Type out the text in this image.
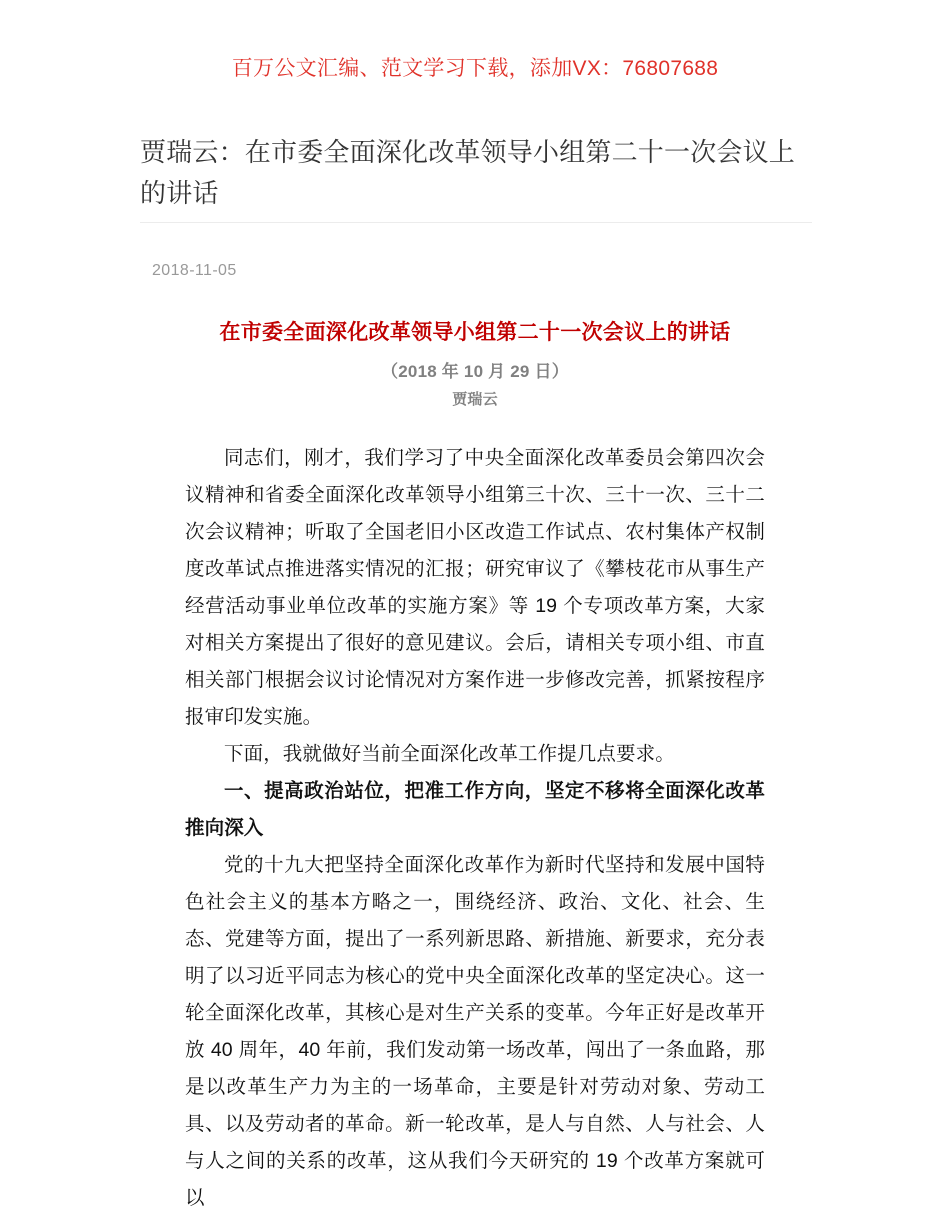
百万公文汇编、范文学习下载，添加VX：76807688
贾瑞云：在市委全面深化改革领导小组第二十一次会议上的讲话
2018-11-05
在市委全面深化改革领导小组第二十一次会议上的讲话
（2018 年 10 月 29 日）
贾瑞云

同志们，刚才，我们学习了中央全面深化改革委员会第四次会议精神和省委全面深化改革领导小组第三十次、三十一次、三十二次会议精神；听取了全国老旧小区改造工作试点、农村集体产权制度改革试点推进落实情况的汇报；研究审议了《攀枝花市从事生产经营活动事业单位改革的实施方案》等 19 个专项改革方案，大家对相关方案提出了很好的意见建议。会后，请相关专项小组、市直相关部门根据会议讨论情况对方案作进一步修改完善，抓紧按程序报审印发实施。

下面，我就做好当前全面深化改革工作提几点要求。

一、提高政治站位，把准工作方向，坚定不移将全面深化改革推向深入

党的十九大把坚持全面深化改革作为新时代坚持和发展中国特色社会主义的基本方略之一，围绕经济、政治、文化、社会、生态、党建等方面，提出了一系列新思路、新措施、新要求，充分表明了以习近平同志为核心的党中央全面深化改革的坚定决心。这一轮全面深化改革，其核心是对生产关系的变革。今年正好是改革开放 40 周年，40 年前，我们发动第一场改革，闯出了一条血路，那是以改革生产力为主的一场革命，主要是针对劳动对象、劳动工具、以及劳动者的革命。新一轮改革，是人与自然、人与社会、人与人之间的关系的改革，这从我们今天研究的 19 个改革方案就可以
